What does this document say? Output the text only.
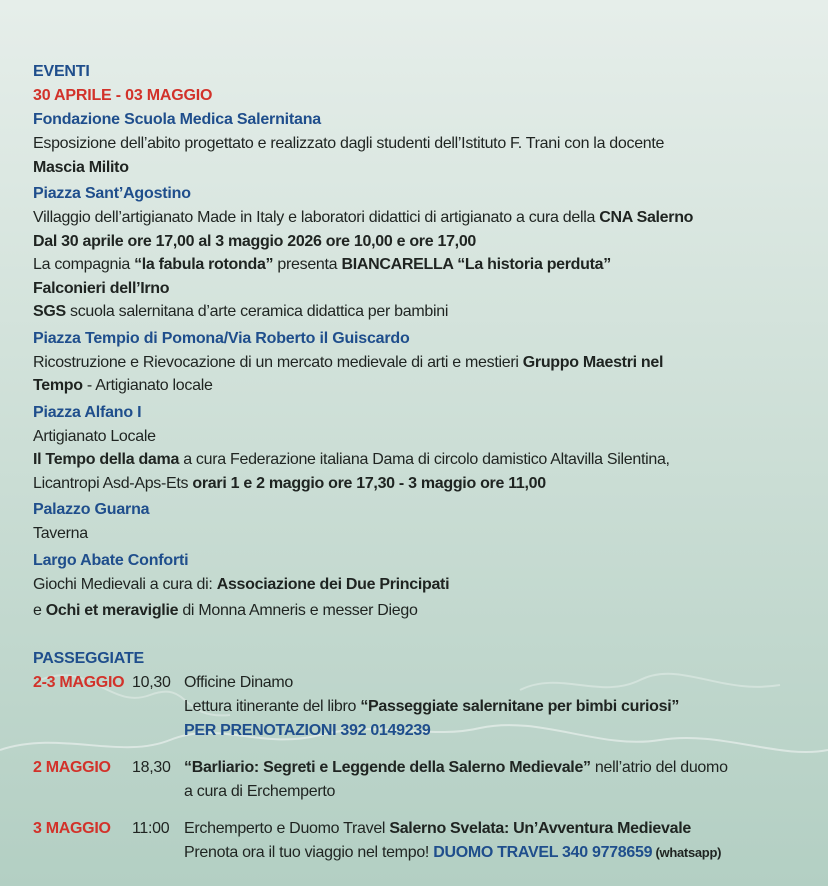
EVENTI
30 APRILE - 03 MAGGIO
Fondazione Scuola Medica Salernitana
Esposizione dell’abito progettato e realizzato dagli studenti dell’Istituto F. Trani con la docente
Mascia Milito
Piazza Sant’Agostino
Villaggio dell’artigianato Made in Italy e laboratori didattici di artigianato a cura della CNA Salerno
Dal 30 aprile ore 17,00 al 3 maggio 2026 ore 10,00 e ore 17,00
La compagnia “la fabula rotonda” presenta BIANCARELLA “La historia perduta”
Falconieri dell’Irno
SGS scuola salernitana d’arte ceramica didattica per bambini
Piazza Tempio di Pomona/Via Roberto il Guiscardo
Ricostruzione e Rievocazione di un mercato medievale di arti e mestieri Gruppo Maestri nel
Tempo - Artigianato locale
Piazza Alfano I
Artigianato Locale
Il Tempo della dama a cura Federazione italiana Dama di circolo damistico Altavilla Silentina,
Licantropi Asd-Aps-Ets orari 1 e 2 maggio ore 17,30 - 3 maggio ore 11,00
Palazzo Guarna
Taverna
Largo Abate Conforti
Giochi Medievali a cura di: Associazione dei Due Principati
e Ochi et meraviglie di Monna Amneris e messer Diego
PASSEGGIATE
2-3 MAGGIO 10,30 Officine Dinamo
Lettura itinerante del libro “Passeggiate salernitane per bimbi curiosi”
PER PRENOTAZIONI 392 0149239
2 MAGGIO	18,30 “Barliario: Segreti e Leggende della Salerno Medievale” nell’atrio del duomo
a cura di Erchemperto
3 MAGGIO	11:00 Erchemperto e Duomo Travel Salerno Svelata: Un’Avventura Medievale
Prenota ora il tuo viaggio nel tempo! DUOMO TRAVEL 340 9778659 (whatsapp)
